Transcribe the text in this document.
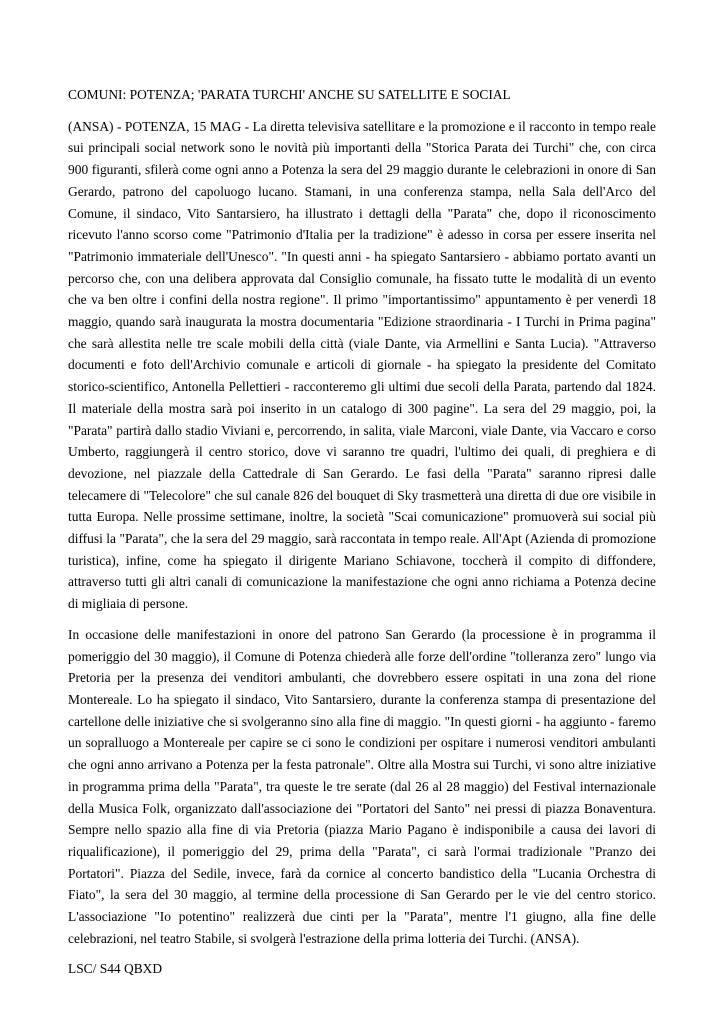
COMUNI: POTENZA; 'PARATA TURCHI' ANCHE SU SATELLITE E SOCIAL

(ANSA) - POTENZA, 15 MAG - La diretta televisiva satellitare e la promozione e il racconto in tempo reale sui principali social network sono le novità più importanti della "Storica Parata dei Turchi" che, con circa 900 figuranti, sfilerà come ogni anno a Potenza la sera del 29 maggio durante le celebrazioni in onore di San Gerardo, patrono del capoluogo lucano. Stamani, in una conferenza stampa, nella Sala dell'Arco del Comune, il sindaco, Vito Santarsiero, ha illustrato i dettagli della "Parata" che, dopo il riconoscimento ricevuto l'anno scorso come "Patrimonio d'Italia per la tradizione" è adesso in corsa per essere inserita nel "Patrimonio immateriale dell'Unesco". "In questi anni - ha spiegato Santarsiero - abbiamo portato avanti un percorso che, con una delibera approvata dal Consiglio comunale, ha fissato tutte le modalità di un evento che va ben oltre i confini della nostra regione". Il primo "importantissimo" appuntamento è per venerdì 18 maggio, quando sarà inaugurata la mostra documentaria "Edizione straordinaria - I Turchi in Prima pagina" che sarà allestita nelle tre scale mobili della città (viale Dante, via Armellini e Santa Lucia). "Attraverso documenti e foto dell'Archivio comunale e articoli di giornale - ha spiegato la presidente del Comitato storico-scientifico, Antonella Pellettieri - racconteremo gli ultimi due secoli della Parata, partendo dal 1824. Il materiale della mostra sarà poi inserito in un catalogo di 300 pagine". La sera del 29 maggio, poi, la "Parata" partirà dallo stadio Viviani e, percorrendo, in salita, viale Marconi, viale Dante, via Vaccaro e corso Umberto, raggiungerà il centro storico, dove vi saranno tre quadri, l'ultimo dei quali, di preghiera e di devozione, nel piazzale della Cattedrale di San Gerardo. Le fasi della "Parata" saranno ripresi dalle telecamere di "Telecolore" che sul canale 826 del bouquet di Sky trasmetterà una diretta di due ore visibile in tutta Europa. Nelle prossime settimane, inoltre, la società "Scai comunicazione" promuoverà sui social più diffusi la "Parata", che la sera del 29 maggio, sarà raccontata in tempo reale. All'Apt (Azienda di promozione turistica), infine, come ha spiegato il dirigente Mariano Schiavone, toccherà il compito di diffondere, attraverso tutti gli altri canali di comunicazione la manifestazione che ogni anno richiama a Potenza decine di migliaia di persone.

In occasione delle manifestazioni in onore del patrono San Gerardo (la processione è in programma il pomeriggio del 30 maggio), il Comune di Potenza chiederà alle forze dell'ordine "tolleranza zero" lungo via Pretoria per la presenza dei venditori ambulanti, che dovrebbero essere ospitati in una zona del rione Montereale. Lo ha spiegato il sindaco, Vito Santarsiero, durante la conferenza stampa di presentazione del cartellone delle iniziative che si svolgeranno sino alla fine di maggio. "In questi giorni - ha aggiunto - faremo un sopralluogo a Montereale per capire se ci sono le condizioni per ospitare i numerosi venditori ambulanti che ogni anno arrivano a Potenza per la festa patronale". Oltre alla Mostra sui Turchi, vi sono altre iniziative in programma prima della "Parata", tra queste le tre serate (dal 26 al 28 maggio) del Festival internazionale della Musica Folk, organizzato dall'associazione dei "Portatori del Santo" nei pressi di piazza Bonaventura. Sempre nello spazio alla fine di via Pretoria (piazza Mario Pagano è indisponibile a causa dei lavori di riqualificazione), il pomeriggio del 29, prima della "Parata", ci sarà l'ormai tradizionale "Pranzo dei Portatori". Piazza del Sedile, invece, farà da cornice al concerto bandistico della "Lucania Orchestra di Fiato", la sera del 30 maggio, al termine della processione di San Gerardo per le vie del centro storico. L'associazione "Io potentino" realizzerà due cinti per la "Parata", mentre l'1 giugno, alla fine delle celebrazioni, nel teatro Stabile, si svolgerà l'estrazione della prima lotteria dei Turchi. (ANSA).

LSC/ S44 QBXD
